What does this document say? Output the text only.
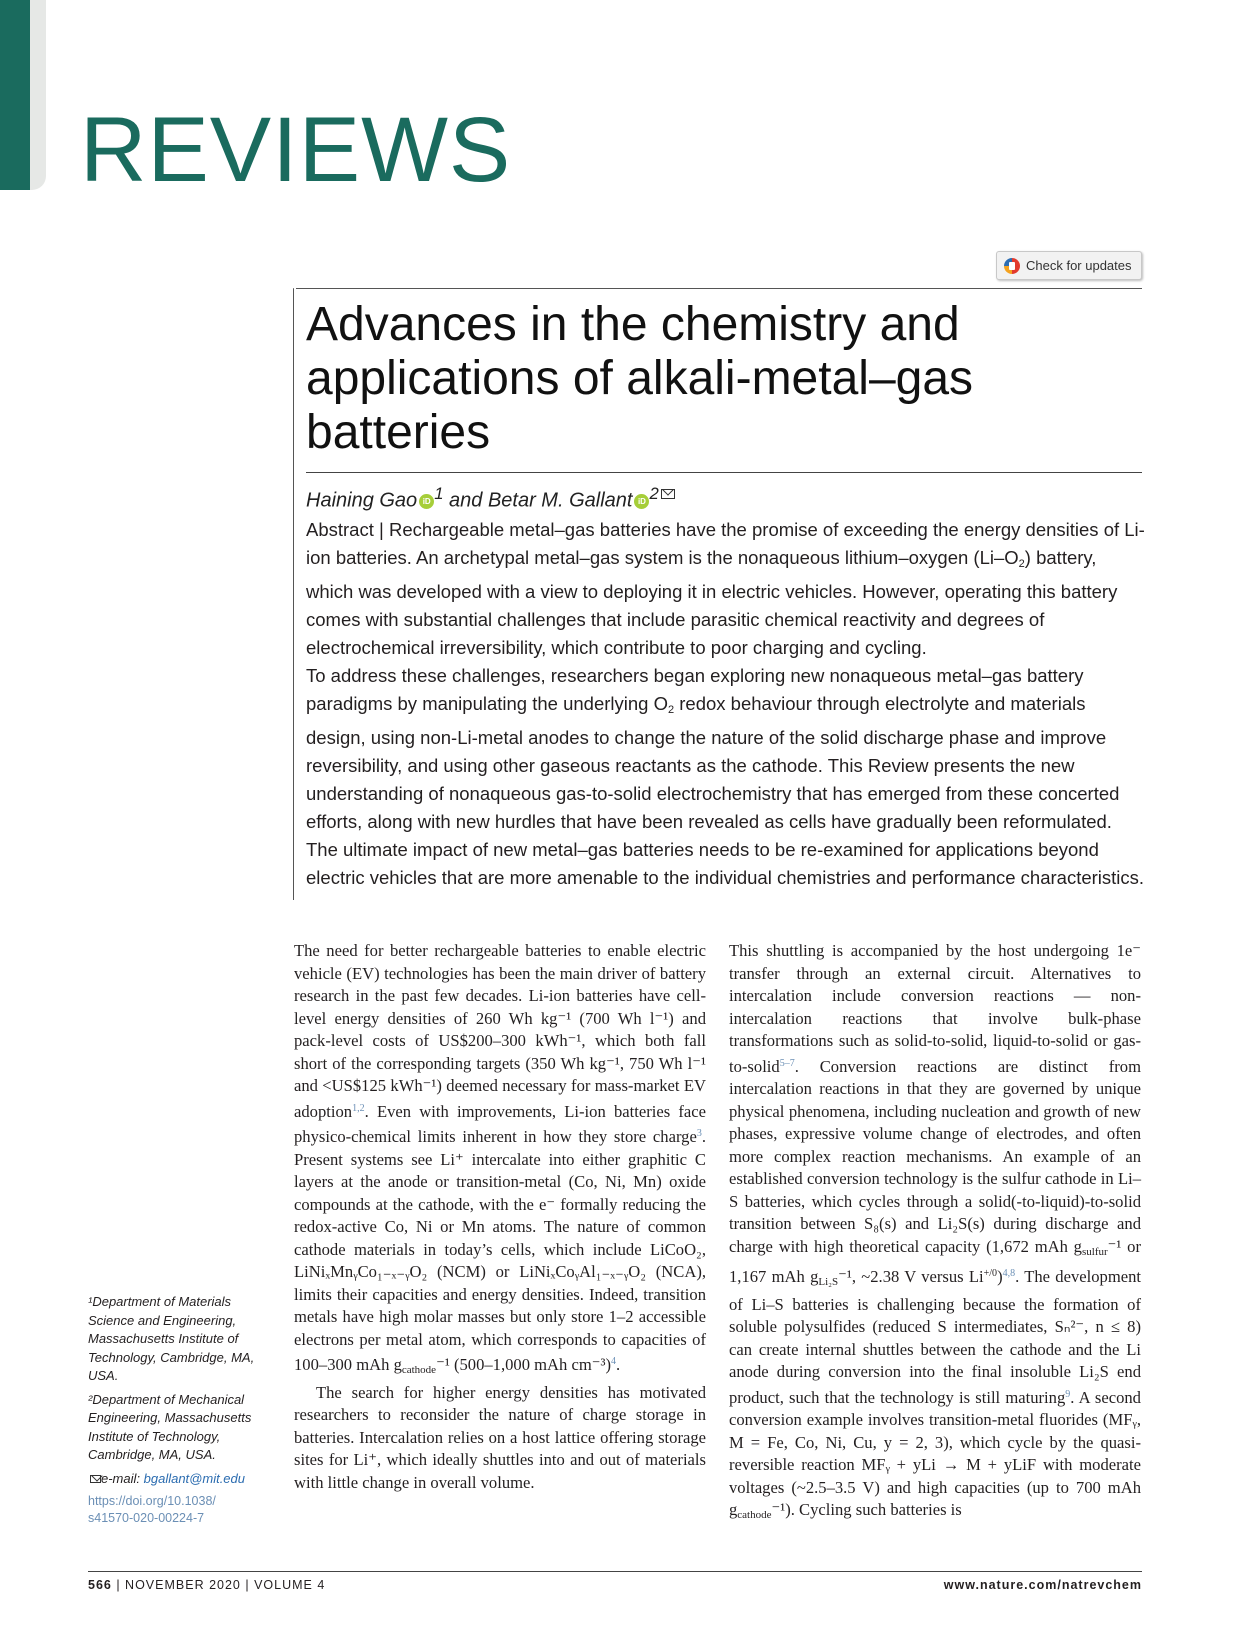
REVIEWS
Check for updates
Advances in the chemistry and applications of alkali-metal–gas batteries
Haining Gao iD $^1$ and Betar M. Gallant iD $^2$
Abstract | Rechargeable metal–gas batteries have the promise of exceeding the energy densities of Li-ion batteries. An archetypal metal–gas system is the nonaqueous lithium–oxygen $(Li-O_2)$ battery, which was developed with a view to deploying it in electric vehicles. However, operating this battery comes with substantial challenges that include parasitic chemical reactivity and degrees of electrochemical irreversibility, which contribute to poor charging and cycling.
To address these challenges, researchers began exploring new nonaqueous metal–gas battery paradigms by manipulating the underlying $O_2$ redox behaviour through electrolyte and materials design, using non-Li-metal anodes to change the nature of the solid discharge phase and improve reversibility, and using other gaseous reactants as the cathode. This Review presents the new understanding of nonaqueous gas-to-solid electrochemistry that has emerged from these concerted efforts, along with new hurdles that have been revealed as cells have gradually been reformulated. The ultimate impact of new metal–gas batteries needs to be re-examined for applications beyond electric vehicles that are more amenable to the individual chemistries and performance characteristics.

The need for better rechargeable batteries to enable electric vehicle (EV) technologies has been the main driver of battery research in the past few decades. Li-ion batteries have cell-level energy densities of 260 Wh kg⁻¹ (700 Wh l⁻¹) and pack-level costs of US$200–300 kWh⁻¹, which both fall short of the corresponding targets (350 Wh kg⁻¹, 750 Wh l⁻¹ and <US$125 kWh⁻¹) deemed necessary for mass-market EV adoption$^{1,2}$. Even with improvements, Li-ion batteries face physico-chemical limits inherent in how they store charge$^3$. Present systems see Li⁺ intercalate into either graphitic C layers at the anode or transition-metal (Co, Ni, Mn) oxide compounds at the cathode, with the e⁻ formally reducing the redox-active Co, Ni or Mn atoms. The nature of common cathode materials in today’s cells, which include LiCoO₂, LiNiₓMnᵧCo₁₋ₓ₋ᵧO₂ (NCM) or LiNiₓCoᵧAl₁₋ₓ₋ᵧO₂ (NCA), limits their capacities and energy densities. Indeed, transition metals have high molar masses but only store 1–2 accessible electrons per metal atom, which corresponds to capacities of 100–300 mAh $g_{cathode}^{-1}$ (500–1,000 mAh cm⁻³)$^4$.

The search for higher energy densities has motivated researchers to reconsider the nature of charge storage in batteries. Intercalation relies on a host lattice offering storage sites for Li⁺, which ideally shuttles into and out of materials with little change in overall volume.

This shuttling is accompanied by the host undergoing 1e⁻ transfer through an external circuit. Alternatives to intercalation include conversion reactions — non-intercalation reactions that involve bulk-phase transformations such as solid-to-solid, liquid-to-solid or gas-to-solid$^{5-7}$. Conversion reactions are distinct from intercalation reactions in that they are governed by unique physical phenomena, including nucleation and growth of new phases, expressive volume change of electrodes, and often more complex reaction mechanisms. An example of an established conversion technology is the sulfur cathode in Li–S batteries, which cycles through a solid(-to-liquid)-to-solid transition between S₈(s) and Li₂S(s) during discharge and charge with high theoretical capacity (1,672 mAh $g_{sulfur}^{-1}$ or 1,167 mAh $g_{Li_2S}^{-1}$, ~2.38 V versus $Li^{+/0})^{4,8}$. The development of Li–S batteries is challenging because the formation of soluble polysulfides (reduced S intermediates, Sₙ²⁻, n ≤ 8) can create internal shuttles between the cathode and the Li anode during conversion into the final insoluble Li₂S end product, such that the technology is still maturing$^9$. A second conversion example involves transition-metal fluorides (MFᵧ, M = Fe, Co, Ni, Cu, y = 2, 3), which cycle by the quasi-reversible reaction MFᵧ + yLi → M + yLiF with moderate voltages (~2.5–3.5 V) and high capacities (up to 700 mAh $g_{cathode}^{-1}$). Cycling such batteries is

¹Department of Materials Science and Engineering, Massachusetts Institute of Technology, Cambridge, MA, USA.

²Department of Mechanical Engineering, Massachusetts Institute of Technology, Cambridge, MA, USA.

e-mail: bgallant@mit.edu

https://doi.org/10.1038/ s41570-020-00224-7

566 | NOVEMBER 2020 | VOLUME 4	www.nature.com/natrevchem
